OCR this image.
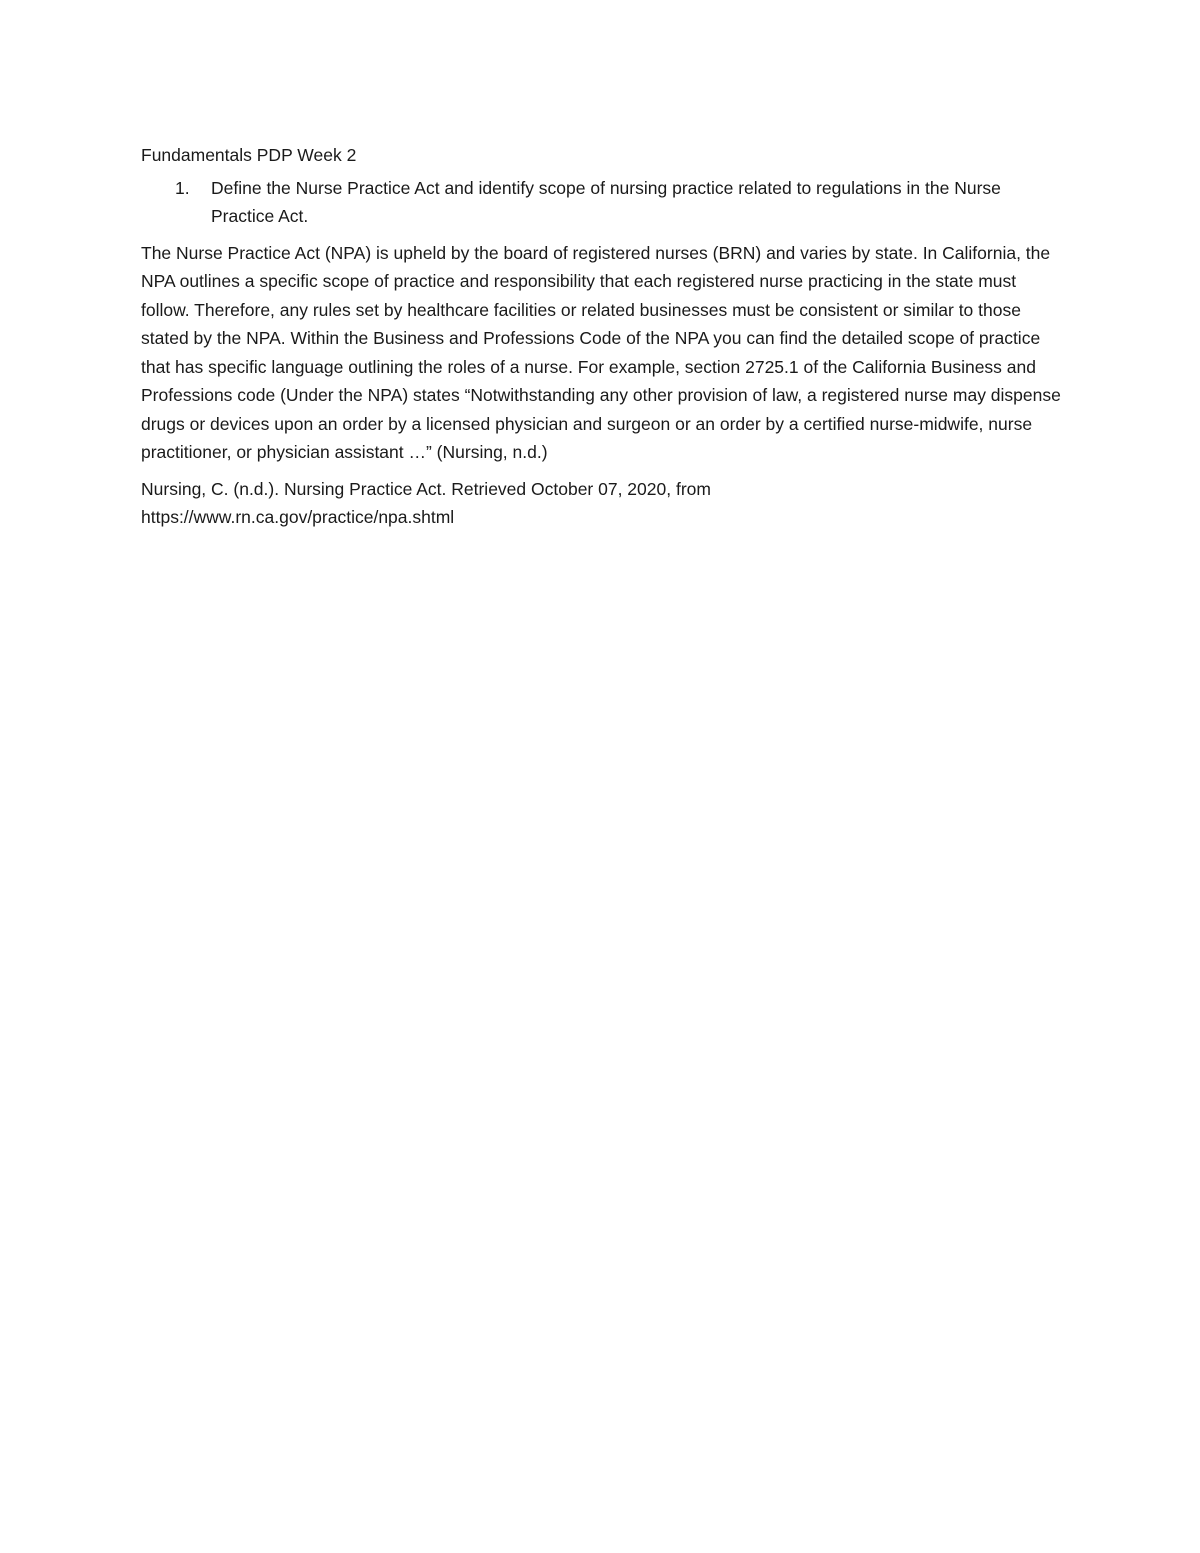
Fundamentals PDP Week 2

1. Define the Nurse Practice Act and identify scope of nursing practice related to regulations in the Nurse Practice Act.

The Nurse Practice Act (NPA) is upheld by the board of registered nurses (BRN) and varies by state. In California, the NPA outlines a specific scope of practice and responsibility that each registered nurse practicing in the state must follow. Therefore, any rules set by healthcare facilities or related businesses must be consistent or similar to those stated by the NPA. Within the Business and Professions Code of the NPA you can find the detailed scope of practice that has specific language outlining the roles of a nurse. For example, section 2725.1 of the California Business and Professions code (Under the NPA) states “Notwithstanding any other provision of law, a registered nurse may dispense drugs or devices upon an order by a licensed physician and surgeon or an order by a certified nurse-midwife, nurse practitioner, or physician assistant …” (Nursing, n.d.)

Nursing, C. (n.d.). Nursing Practice Act. Retrieved October 07, 2020, from
https://www.rn.ca.gov/practice/npa.shtml
